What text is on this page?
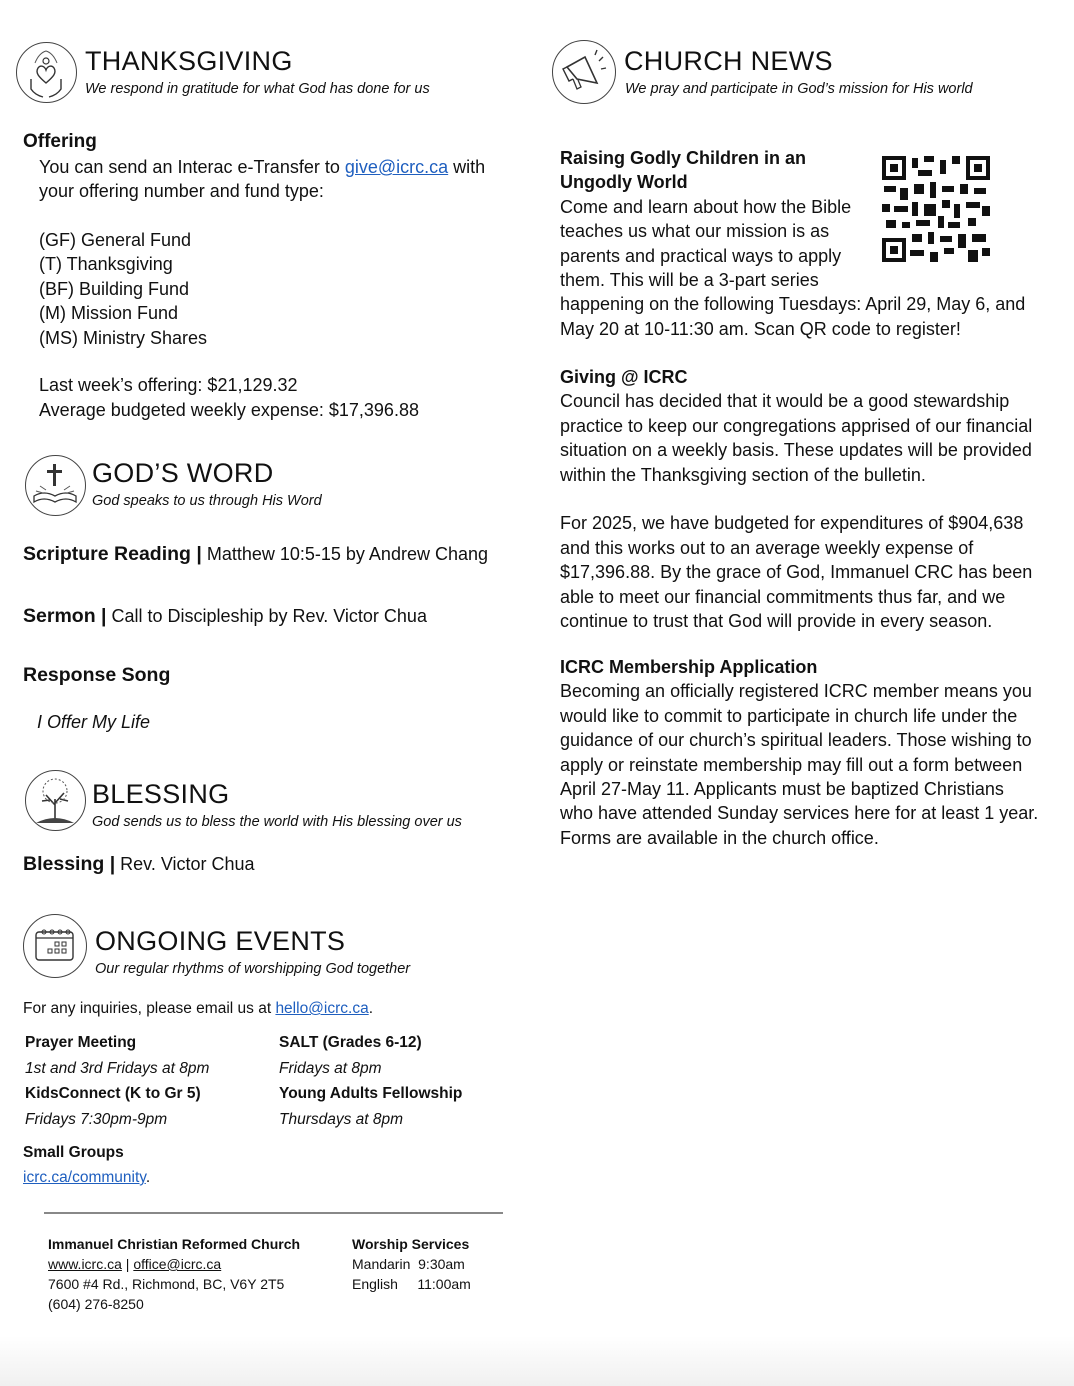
THANKSGIVING
We respond in gratitude for what God has done for us
Offering
You can send an Interac e-Transfer to give@icrc.ca with
your offering number and fund type:
(GF) General Fund
(T) Thanksgiving
(BF) Building Fund
(M) Mission Fund
(MS) Ministry Shares
Last week’s offering: $21,129.32
Average budgeted weekly expense: $17,396.88
GOD’S WORD
God speaks to us through His Word
Scripture Reading | Matthew 10:5-15 by Andrew Chang
Sermon | Call to Discipleship by Rev. Victor Chua
Response Song
I Offer My Life
BLESSING
God sends us to bless the world with His blessing over us
Blessing | Rev. Victor Chua
ONGOING EVENTS
Our regular rhythms of worshipping God together
For any inquiries, please email us at hello@icrc.ca.
Prayer Meeting
1st and 3rd Fridays at 8pm
KidsConnect (K to Gr 5)
Fridays 7:30pm-9pm
SALT (Grades 6-12)
Fridays at 8pm
Young Adults Fellowship
Thursdays at 8pm
Small Groups
icrc.ca/community.
Immanuel Christian Reformed Church
www.icrc.ca | office@icrc.ca
7600 #4 Rd., Richmond, BC, V6Y 2T5
(604) 276-8250
Worship Services
Mandarin  9:30am
English     11:00am
CHURCH NEWS
We pray and participate in God’s mission for His world
Raising Godly Children in an
Ungodly World
Come and learn about how the Bible
teaches us what our mission is as
parents and practical ways to apply
them. This will be a 3-part series
happening on the following Tuesdays: April 29, May 6, and
May 20 at 10-11:30 am. Scan QR code to register!
Giving @ ICRC
Council has decided that it would be a good stewardship
practice to keep our congregations apprised of our financial
situation on a weekly basis. These updates will be provided
within the Thanksgiving section of the bulletin.
For 2025, we have budgeted for expenditures of $904,638
and this works out to an average weekly expense of
$17,396.88. By the grace of God, Immanuel CRC has been
able to meet our financial commitments thus far, and we
continue to trust that God will provide in every season.
ICRC Membership Application
Becoming an officially registered ICRC member means you
would like to commit to participate in church life under the
guidance of our church’s spiritual leaders. Those wishing to
apply or reinstate membership may fill out a form between
April 27-May 11. Applicants must be baptized Christians
who have attended Sunday services here for at least 1 year.
Forms are available in the church office.
